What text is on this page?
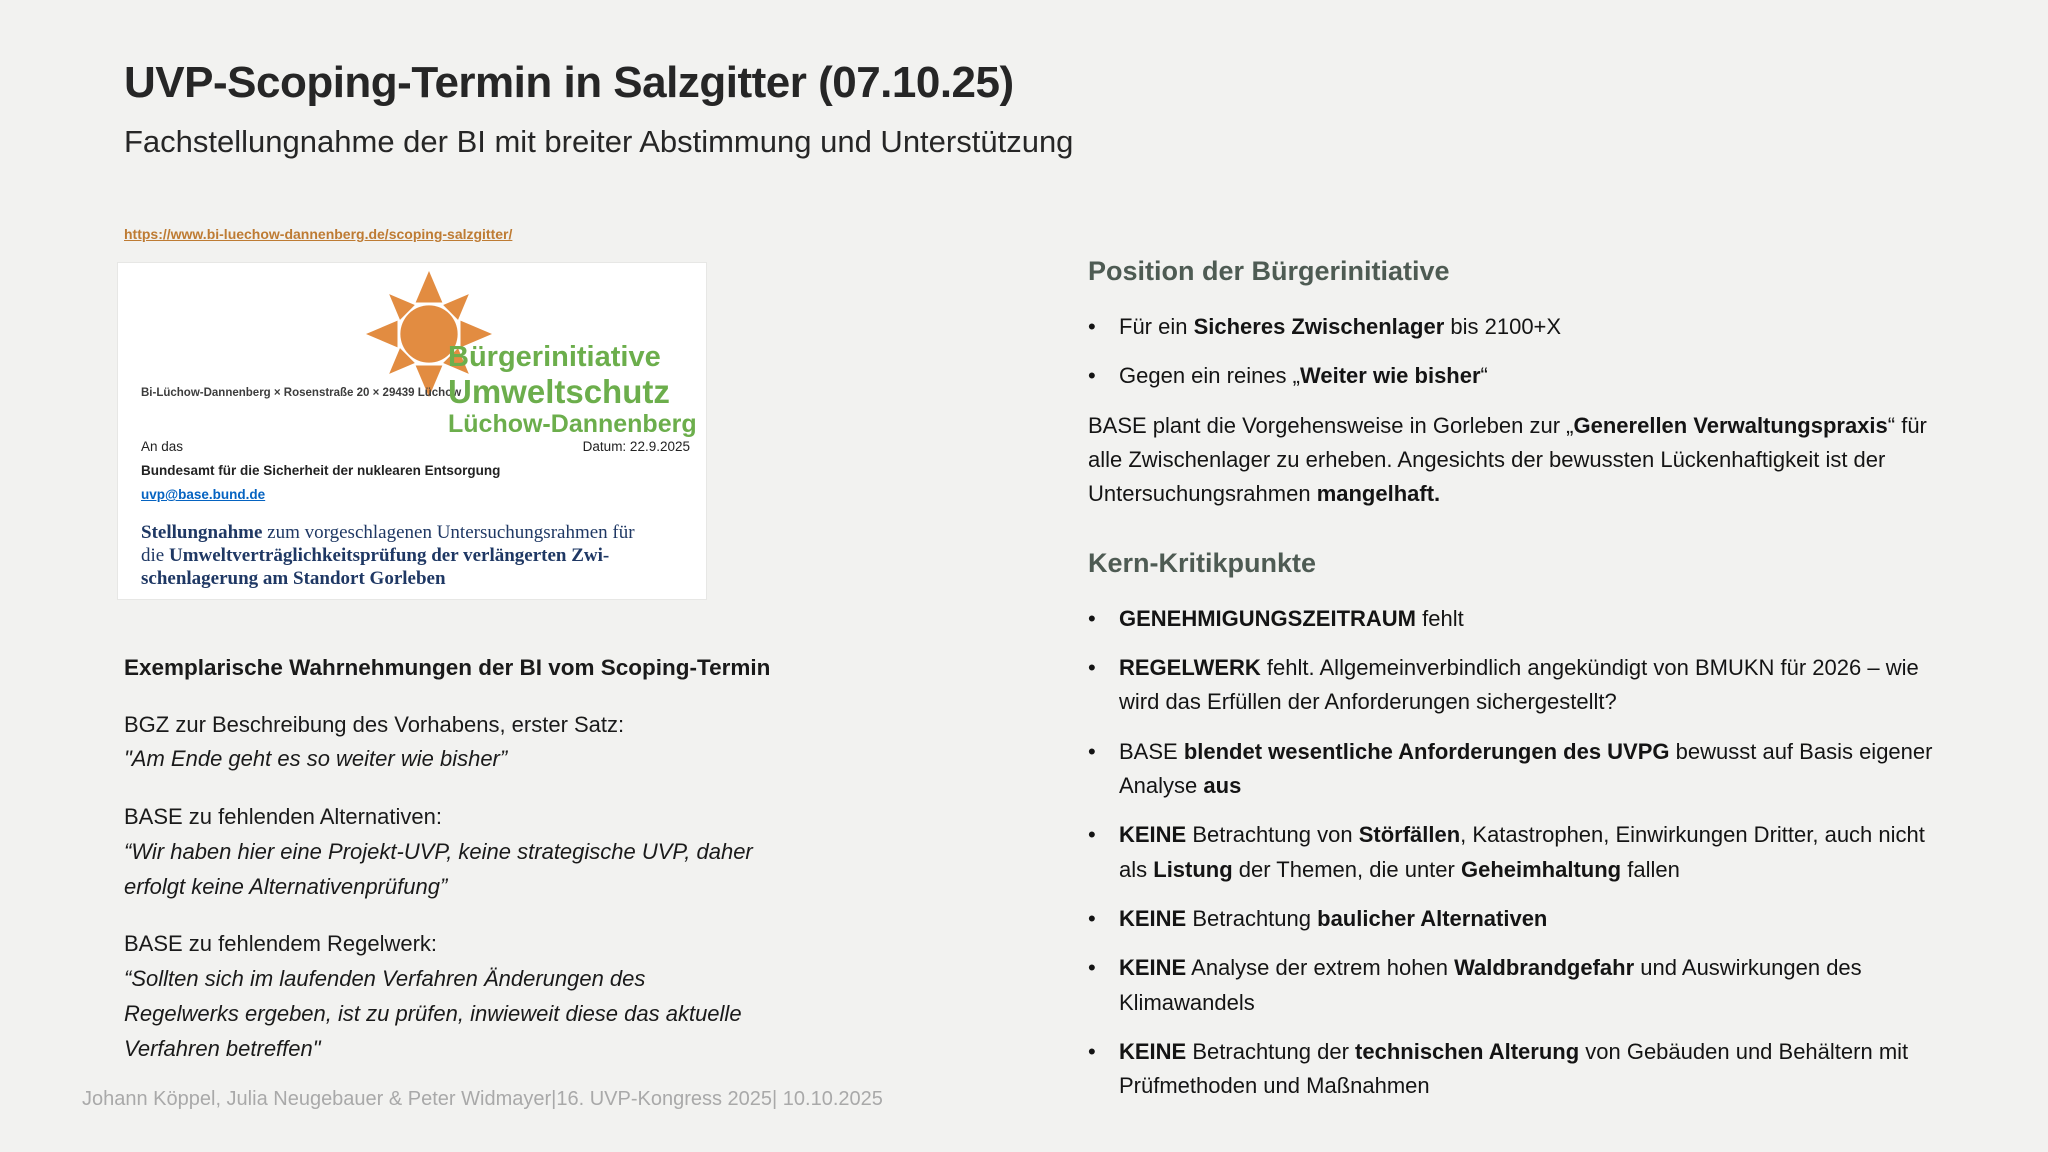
UVP-Scoping-Termin in Salzgitter (07.10.25)
Fachstellungnahme der BI mit breiter Abstimmung und Unterstützung
https://www.bi-luechow-dannenberg.de/scoping-salzgitter/
Bürgerinitiative
Umweltschutz
Lüchow-Dannenberg
Bi-Lüchow-Dannenberg × Rosenstraße 20 × 29439 Lüchow
An das	Datum: 22.9.2025
Bundesamt für die Sicherheit der nuklearen Entsorgung
uvp@base.bund.de
Stellungnahme zum vorgeschlagenen Untersuchungsrahmen für
die Umweltverträglichkeitsprüfung der verlängerten Zwi-
schenlagerung am Standort Gorleben
Exemplarische Wahrnehmungen der BI vom Scoping-Termin
BGZ zur Beschreibung des Vorhabens, erster Satz:
"Am Ende geht es so weiter wie bisher”
BASE zu fehlenden Alternativen:
“Wir haben hier eine Projekt-UVP, keine strategische UVP, daher
erfolgt keine Alternativenprüfung”
BASE zu fehlendem Regelwerk:
“Sollten sich im laufenden Verfahren Änderungen des
Regelwerks ergeben, ist zu prüfen, inwieweit diese das aktuelle
Verfahren betreffen"
Johann Köppel, Julia Neugebauer & Peter Widmayer|16. UVP-Kongress 2025| 10.10.2025
Position der Bürgerinitiative
•	Für ein Sicheres Zwischenlager bis 2100+X
•	Gegen ein reines „Weiter wie bisher“
BASE plant die Vorgehensweise in Gorleben zur „Generellen Verwaltungspraxis“ für alle Zwischenlager zu erheben. Angesichts der bewussten Lückenhaftigkeit ist der Untersuchungsrahmen mangelhaft.
Kern-Kritikpunkte
•	GENEHMIGUNGSZEITRAUM fehlt
•	REGELWERK fehlt. Allgemeinverbindlich angekündigt von BMUKN für 2026 – wie wird das Erfüllen der Anforderungen sichergestellt?
•	BASE blendet wesentliche Anforderungen des UVPG bewusst auf Basis eigener Analyse aus
•	KEINE Betrachtung von Störfällen, Katastrophen, Einwirkungen Dritter, auch nicht als Listung der Themen, die unter Geheimhaltung fallen
•	KEINE Betrachtung baulicher Alternativen
•	KEINE Analyse der extrem hohen Waldbrandgefahr und Auswirkungen des Klimawandels
•	KEINE Betrachtung der technischen Alterung von Gebäuden und Behältern mit Prüfmethoden und Maßnahmen
